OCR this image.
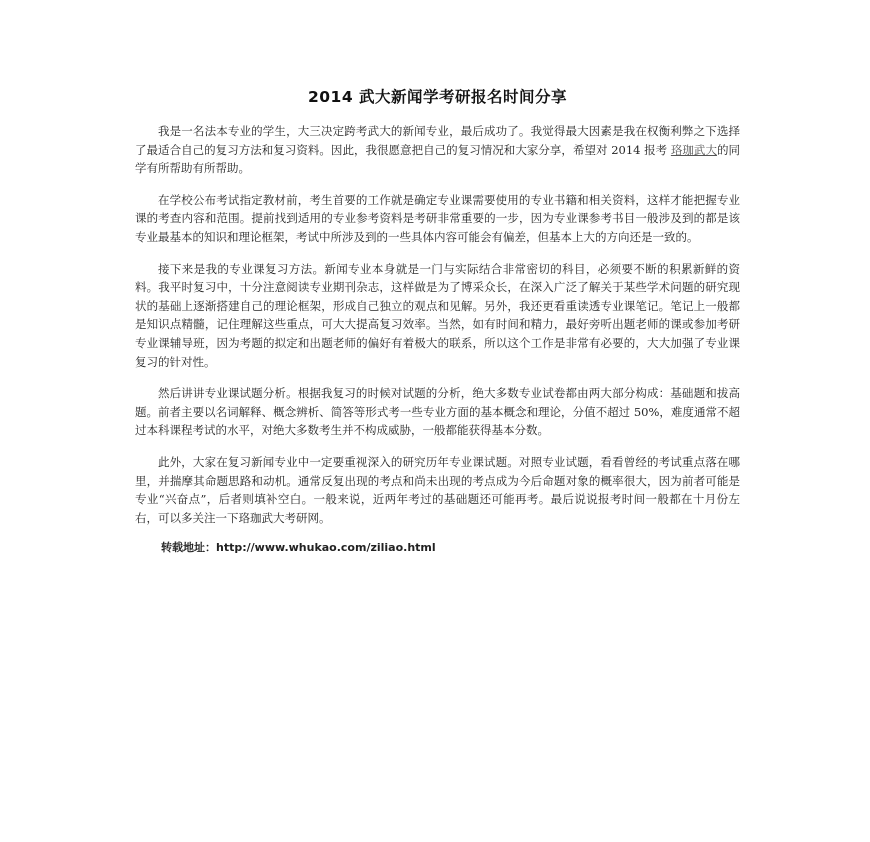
2014 武大新闻学考研报名时间分享

我是一名法本专业的学生，大三决定跨考武大的新闻专业，最后成功了。我觉得最大因素是我在权衡利弊之下选择了最适合自己的复习方法和复习资料。因此，我很愿意把自己的复习情况和大家分享，希望对 2014 报考 珞珈武大的同学有所帮助有所帮助。

在学校公布考试指定教材前，考生首要的工作就是确定专业课需要使用的专业书籍和相关资料，这样才能把握专业课的考查内容和范围。提前找到适用的专业参考资料是考研非常重要的一步，因为专业课参考书目一般涉及到的都是该专业最基本的知识和理论框架，考试中所涉及到的一些具体内容可能会有偏差，但基本上大的方向还是一致的。

接下来是我的专业课复习方法。新闻专业本身就是一门与实际结合非常密切的科目，必须要不断的积累新鲜的资料。我平时复习中，十分注意阅读专业期刊杂志，这样做是为了博采众长，在深入广泛了解关于某些学术问题的研究现状的基础上逐渐搭建自己的理论框架，形成自己独立的观点和见解。另外，我还更看重读透专业课笔记。笔记上一般都是知识点精髓，记住理解这些重点，可大大提高复习效率。当然，如有时间和精力，最好旁听出题老师的课或参加考研专业课辅导班，因为考题的拟定和出题老师的偏好有着极大的联系，所以这个工作是非常有必要的，大大加强了专业课复习的针对性。

然后讲讲专业课试题分析。根据我复习的时候对试题的分析，绝大多数专业试卷都由两大部分构成：基础题和拔高题。前者主要以名词解释、概念辨析、简答等形式考一些专业方面的基本概念和理论，分值不超过 50%，难度通常不超过本科课程考试的水平，对绝大多数考生并不构成威胁，一般都能获得基本分数。

此外，大家在复习新闻专业中一定要重视深入的研究历年专业课试题。对照专业试题，看看曾经的考试重点落在哪里，并揣摩其命题思路和动机。通常反复出现的考点和尚未出现的考点成为今后命题对象的概率很大，因为前者可能是专业“兴奋点”，后者则填补空白。一般来说，近两年考过的基础题还可能再考。最后说说报考时间一般都在十月份左右，可以多关注一下珞珈武大考研网。

转载地址：http://www.whukao.com/ziliao.html
